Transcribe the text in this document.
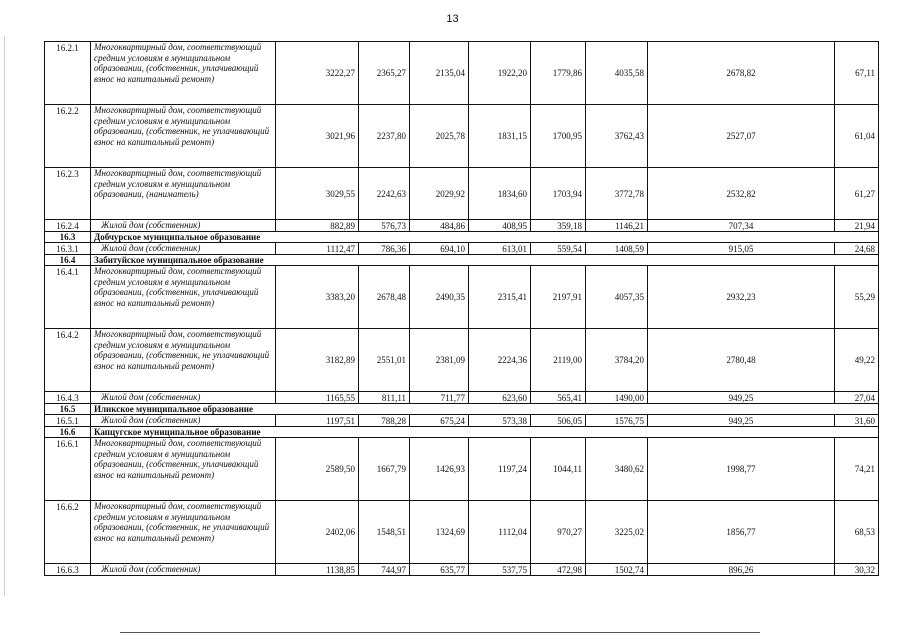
13
16.2.1	Многоквартирный дом, соответствующий средним условиям в муниципальном образовании, (собственник, уплачивающий взнос на капитальный ремонт)	3222,27	2365,27	2135,04	1922,20	1779,86	4035,58	2678,82	67,11
16.2.2	Многоквартирный дом, соответствующий средним условиям в муниципальном образовании, (собственник, не уплачивающий взнос на капитальный ремонт)	3021,96	2237,80	2025,78	1831,15	1700,95	3762,43	2527,07	61,04
16.2.3	Многоквартирный дом, соответствующий средним условиям в муниципальном образовании, (наниматель)	3029,55	2242,63	2029,92	1834,60	1703,94	3772,78	2532,82	61,27
16.2.4	Жилой дом (собственник)	882,89	576,73	484,86	408,95	359,18	1146,21	707,34	21,94
16.3	Добчурское муниципальное образование								
16.3.1	Жилой дом (собственник)	1112,47	786,36	694,10	613,01	559,54	1408,59	915,05	24,68
16.4	Забитуйское муниципальное образование								
16.4.1	Многоквартирный дом, соответствующий средним условиям в муниципальном образовании, (собственник, уплачивающий взнос на капитальный ремонт)	3383,20	2678,48	2490,35	2315,41	2197,91	4057,35	2932,23	55,29
16.4.2	Многоквартирный дом, соответствующий средним условиям в муниципальном образовании, (собственник, не уплачивающий взнос на капитальный ремонт)	3182,89	2551,01	2381,09	2224,36	2119,00	3784,20	2780,48	49,22
16.4.3	Жилой дом (собственник)	1165,55	811,11	711,77	623,60	565,41	1490,00	949,25	27,04
16.5	Иликское муниципальное образование								
16.5.1	Жилой дом (собственник)	1197,51	788,28	675,24	573,38	506,05	1576,75	949,25	31,60
16.6	Капцугское муниципальное образование								
16.6.1	Многоквартирный дом, соответствующий средним условиям в муниципальном образовании, (собственник, уплачивающий взнос на капитальный ремонт)	2589,50	1667,79	1426,93	1197,24	1044,11	3480,62	1998,77	74,21
16.6.2	Многоквартирный дом, соответствующий средним условиям в муниципальном образовании, (собственник, не уплачивающий взнос на капитальный ремонт)	2402,06	1548,51	1324,69	1112,04	970,27	3225,02	1856,77	68,53
16.6.3	Жилой дом (собственник)	1138,85	744,97	635,77	537,75	472,98	1502,74	896,26	30,32
